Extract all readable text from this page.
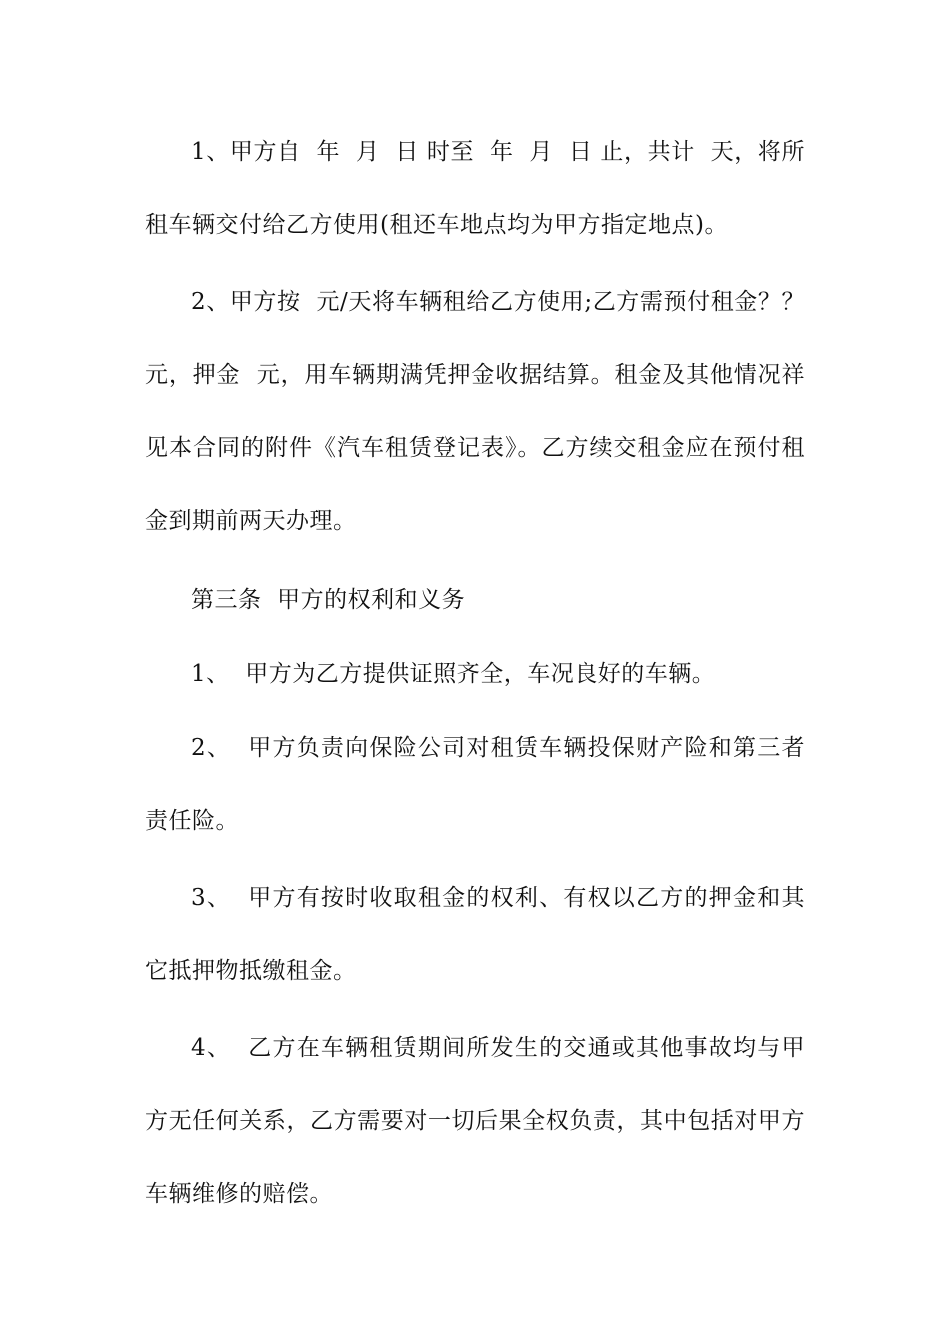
1、甲方自  年  月  日 时至  年  月  日 止，共计  天，将所租车辆交付给乙方使用(租还车地点均为甲方指定地点)。

2、甲方按  元/天将车辆租给乙方使用;乙方需预付租金？？元，押金  元，用车辆期满凭押金收据结算。租金及其他情况祥见本合同的附件《汽车租赁登记表》。乙方续交租金应在预付租金到期前两天办理。

第三条  甲方的权利和义务

1、  甲方为乙方提供证照齐全，车况良好的车辆。

2、  甲方负责向保险公司对租赁车辆投保财产险和第三者责任险。

3、  甲方有按时收取租金的权利、有权以乙方的押金和其它抵押物抵缴租金。

4、  乙方在车辆租赁期间所发生的交通或其他事故均与甲方无任何关系，乙方需要对一切后果全权负责，其中包括对甲方车辆维修的赔偿。
